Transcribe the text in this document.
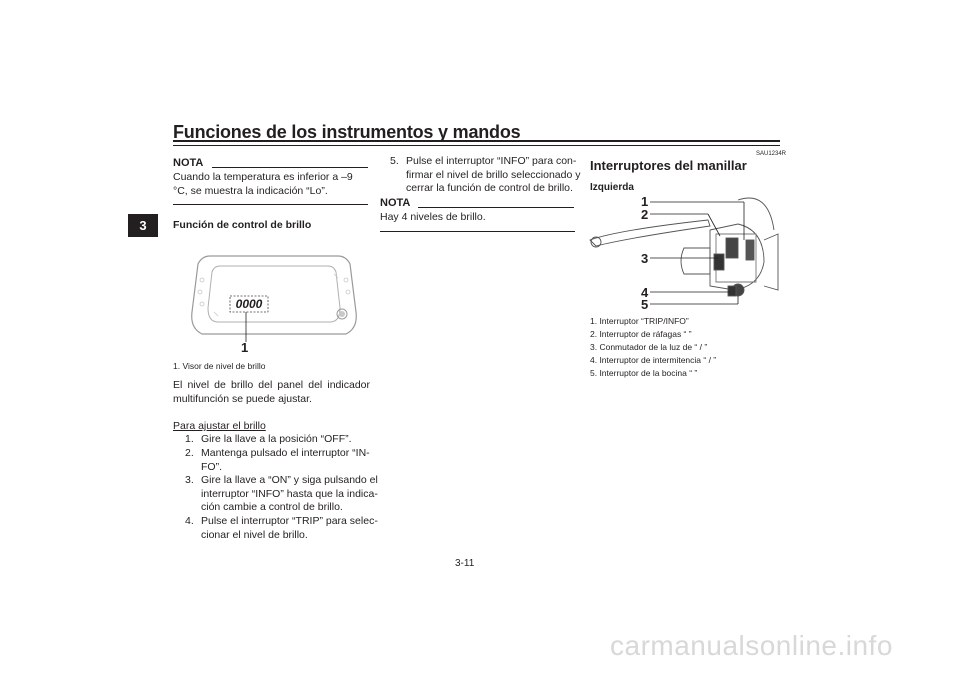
Funciones de los instrumentos y mandos
3
NOTA
Cuando la temperatura es inferior a –9 °C, se muestra la indicación “Lo”.
Función de control de brillo
0000
1
1. Visor de nivel de brillo
El nivel de brillo del panel del indicador multifunción se puede ajustar.
Para ajustar el brillo
1. Gire la llave a la posición “OFF”.
2. Mantenga pulsado el interruptor “IN-FO”.
3. Gire la llave a “ON” y siga pulsando el interruptor “INFO” hasta que la indica-ción cambie a control de brillo.
4. Pulse el interruptor “TRIP” para selec-cionar el nivel de brillo.
5. Pulse el interruptor “INFO” para con-firmar el nivel de brillo seleccionado y cerrar la función de control de brillo.
NOTA
Hay 4 niveles de brillo.
SAU1234R
Interruptores del manillar
Izquierda
1
2
3
4
5
1. Interruptor “TRIP/INFO”
2. Interruptor de ráfagas “ ”
3. Conmutador de la luz de “ / ”
4. Interruptor de intermitencia “ / ”
5. Interruptor de la bocina “ ”
3-11
carmanualsonline.info
